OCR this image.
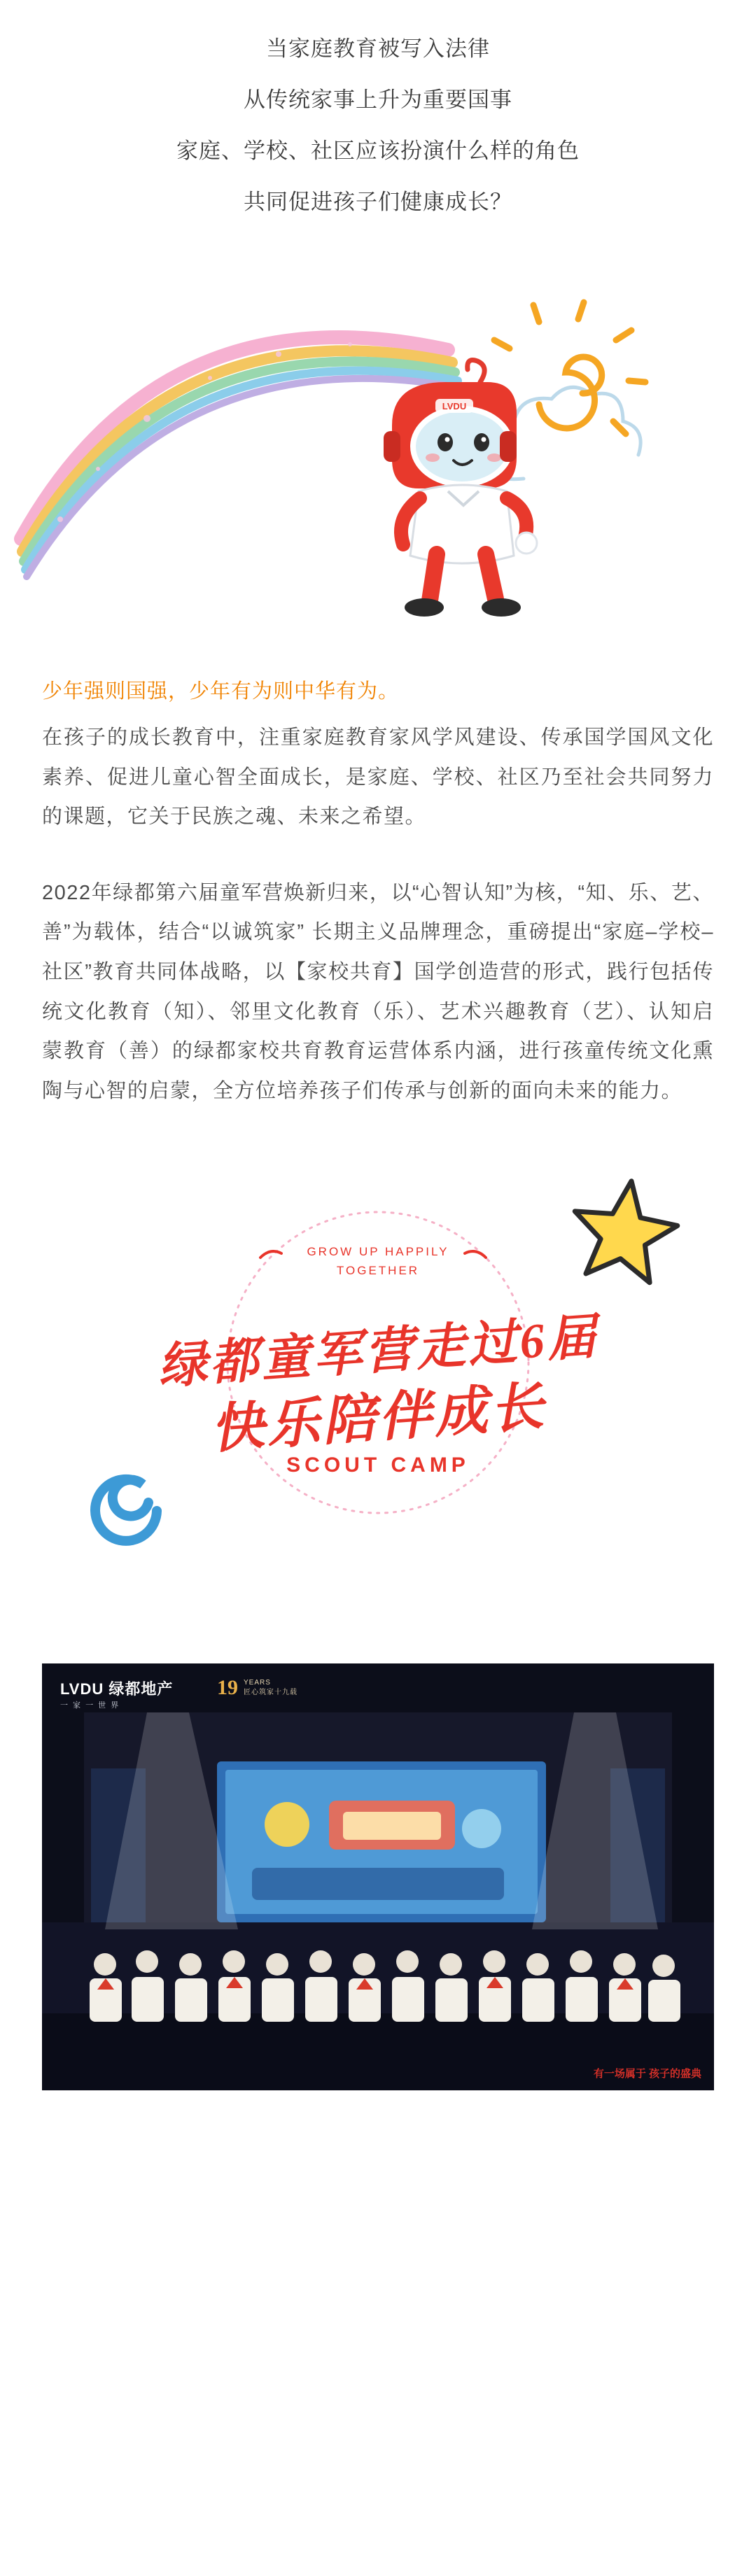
当家庭教育被写入法律

从传统家事上升为重要国事

家庭、学校、社区应该扮演什么样的角色

共同促进孩子们健康成长？

LVDU

少年强则国强，少年有为则中华有为。

在孩子的成长教育中，注重家庭教育家风学风建设、传承国学国风文化素养、促进儿童心智全面成长，是家庭、学校、社区乃至社会共同努力的课题，它关于民族之魂、未来之希望。

2022年绿都第六届童军营焕新归来，以“心智认知”为核，“知、乐、艺、善”为载体，结合“以诚筑家” 长期主义品牌理念，重磅提出“家庭–学校–社区”教育共同体战略，以【家校共育】国学创造营的形式，践行包括传统文化教育（知）、邻里文化教育（乐）、艺术兴趣教育（艺）、认知启蒙教育（善）的绿都家校共育教育运营体系内涵，进行孩童传统文化熏陶与心智的启蒙，全方位培养孩子们传承与创新的面向未来的能力。

GROW UP HAPPILY
TOGETHER
绿都童军营走过6届
快乐陪伴成长
SCOUT CAMP
LVDU 绿都地产
一 家 一 世 界
19 YEARS
匠心筑家十九载
有一场属于 孩子的盛典
